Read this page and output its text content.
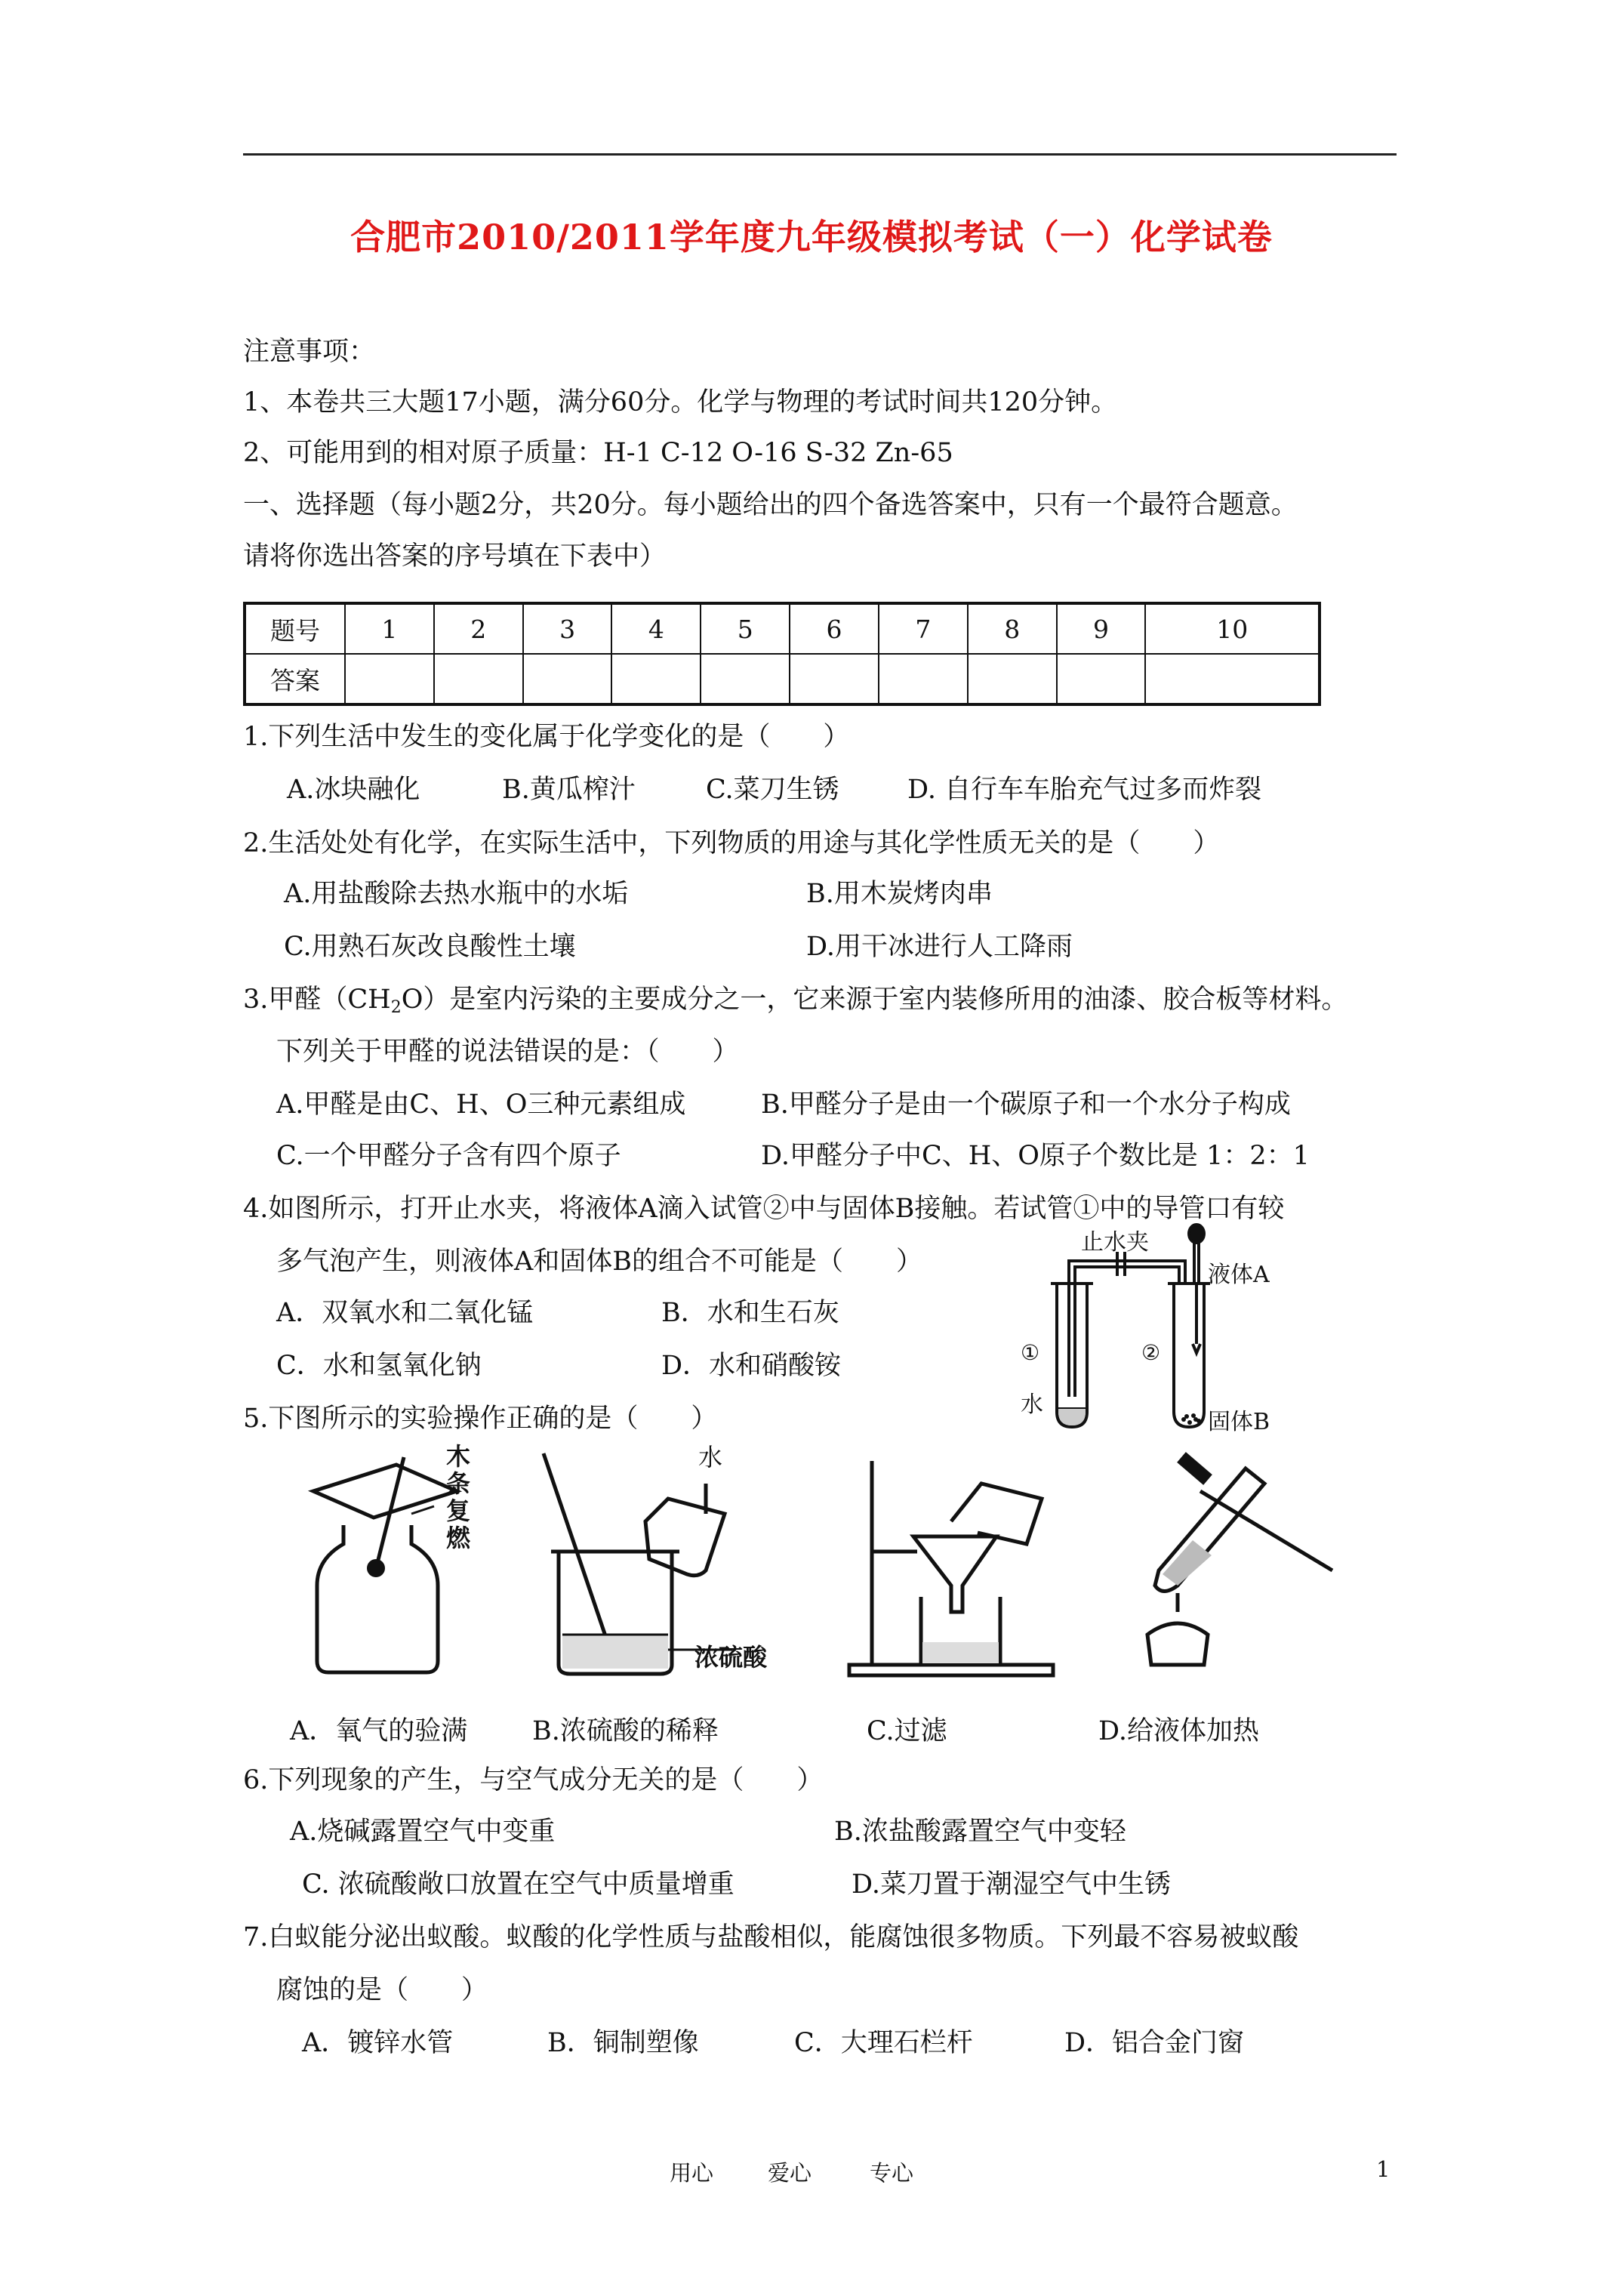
合肥市2010/2011学年度九年级模拟考试（一）化学试卷
注意事项：
1、本卷共三大题17小题，满分60分。化学与物理的考试时间共120分钟。
2、可能用到的相对原子质量：H-1 C-12 O-16 S-32 Zn-65
一、选择题（每小题2分，共20分。每小题给出的四个备选答案中，只有一个最符合题意。
请将你选出答案的序号填在下表中）
题号	1	2	3	4	5	6	7	8	9	10
答案										
1.下列生活中发生的变化属于化学变化的是（　　）
A.冰块融化	B.黄瓜榨汁	C.菜刀生锈	D. 自行车车胎充气过多而炸裂
2.生活处处有化学，在实际生活中，下列物质的用途与其化学性质无关的是（　　）
A.用盐酸除去热水瓶中的水垢	B.用木炭烤肉串
C.用熟石灰改良酸性土壤	D.用干冰进行人工降雨
3.甲醛$(CH_2O)$是室内污染的主要成分之一，它来源于室内装修所用的油漆、胶合板等材料。
下列关于甲醛的说法错误的是：（　　）
A.甲醛是由C、H、O三种元素组成	B.甲醛分子是由一个碳原子和一个水分子构成
C.一个甲醛分子含有四个原子	D.甲醛分子中C、H、O原子个数比是 1：2：1
4.如图所示，打开止水夹，将液体A滴入试管②中与固体B接触。若试管①中的导管口有较
多气泡产生，则液体A和固体B的组合不可能是（　　）
A．双氧水和二氧化锰	B．水和生石灰
C．水和氢氧化钠	D．水和硝酸铵
止水夹
液体A
①	②
水
固体B
5.下图所示的实验操作正确的是（　　）
木条复燃	水
浓硫酸
A．氧气的验满 B.浓硫酸的稀释	C.过滤	D.给液体加热
6.下列现象的产生，与空气成分无关的是（　　）
A.烧碱露置空气中变重	B.浓盐酸露置空气中变轻
C. 浓硫酸敞口放置在空气中质量增重	D.菜刀置于潮湿空气中生锈
7.白蚁能分泌出蚁酸。蚁酸的化学性质与盐酸相似，能腐蚀很多物质。下列最不容易被蚁酸
腐蚀的是（　　）
A．镀锌水管	B．铜制塑像	C．大理石栏杆	D．铝合金门窗
用心 爱心	专心	1
